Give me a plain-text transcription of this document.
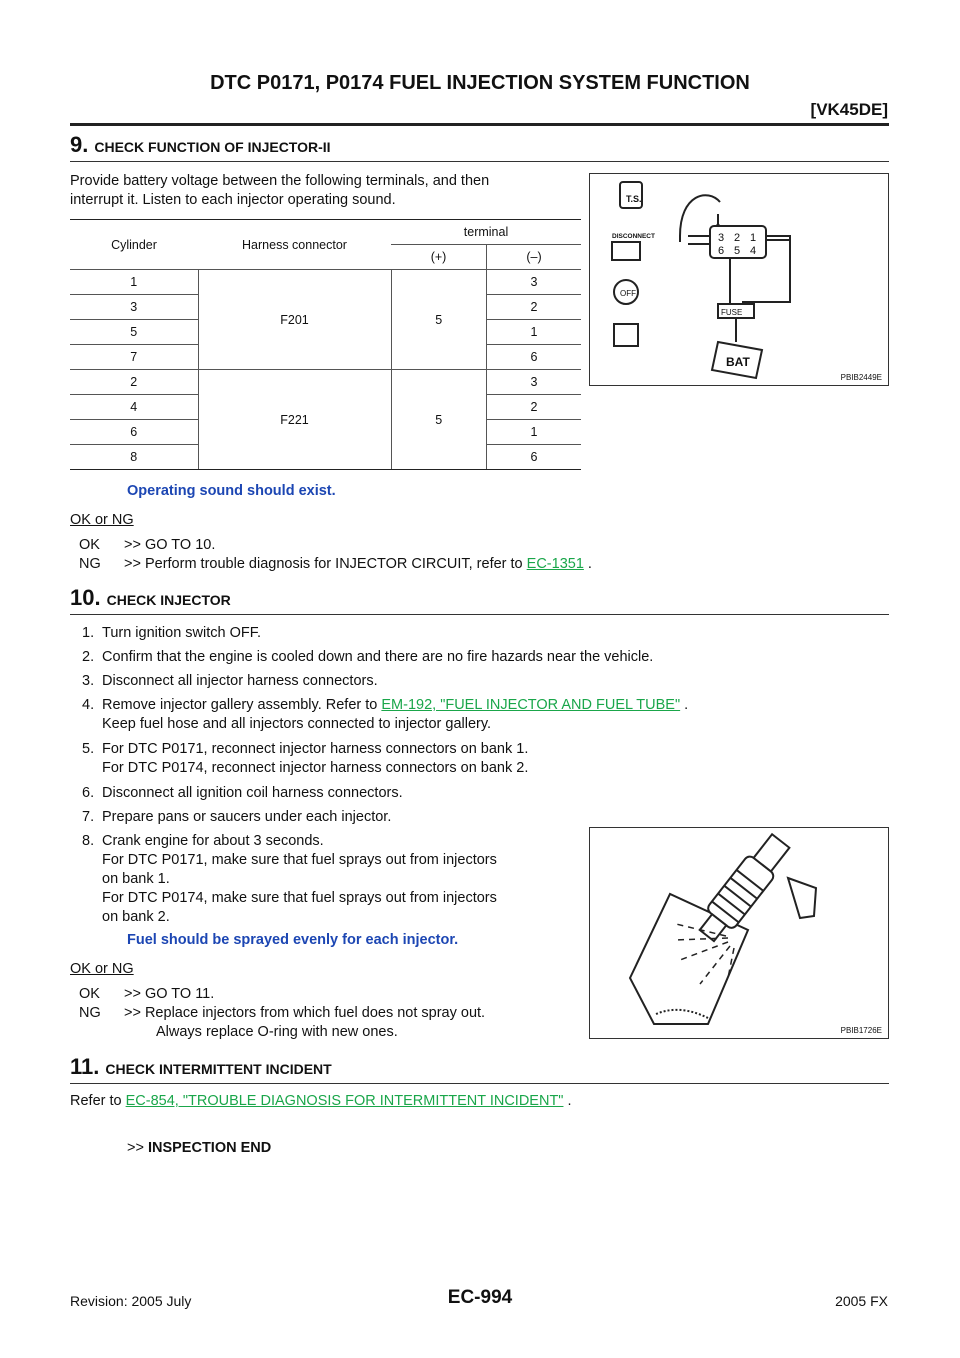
DTC P0171, P0174 FUEL INJECTION SYSTEM FUNCTION
[VK45DE]
9. CHECK FUNCTION OF INJECTOR-II

Provide battery voltage between the following terminals, and then

interrupt it. Listen to each injector operating sound.

Cylinder	Harness connector	terminal	
		(+)	(–)
1	F201	5	3
3			2
5			1
7			6
2	F221	5	3
4			2
6			1
8			6
T.S.
DISCONNECT
OFF
FUSE
BAT
3 2 1
6 5 4
PBIB2449E

Operating sound should exist.

OK or NG

OK >> GO TO 10.

NG >> Perform trouble diagnosis for INJECTOR CIRCUIT, refer to EC-1351 .

10. CHECK INJECTOR
1. Turn ignition switch OFF.
2. Confirm that the engine is cooled down and there are no fire hazards near the vehicle.
3. Disconnect all injector harness connectors.
4. Remove injector gallery assembly. Refer to EM-192, "FUEL INJECTOR AND FUEL TUBE" .
Keep fuel hose and all injectors connected to injector gallery.
5. For DTC P0171, reconnect injector harness connectors on bank 1.
For DTC P0174, reconnect injector harness connectors on bank 2.
6. Disconnect all ignition coil harness connectors.
7. Prepare pans or saucers under each injector.
8. Crank engine for about 3 seconds.
For DTC P0171, make sure that fuel sprays out from injectors
on bank 1.
For DTC P0174, make sure that fuel sprays out from injectors
on bank 2.
PBIB1726E

Fuel should be sprayed evenly for each injector.

OK or NG

OK >> GO TO 11.

NG >> Replace injectors from which fuel does not spray out.

Always replace O-ring with new ones.

11. CHECK INTERMITTENT INCIDENT

Refer to EC-854, "TROUBLE DIAGNOSIS FOR INTERMITTENT INCIDENT" .

>> INSPECTION END

Revision: 2005 July	EC-994	2005 FX
